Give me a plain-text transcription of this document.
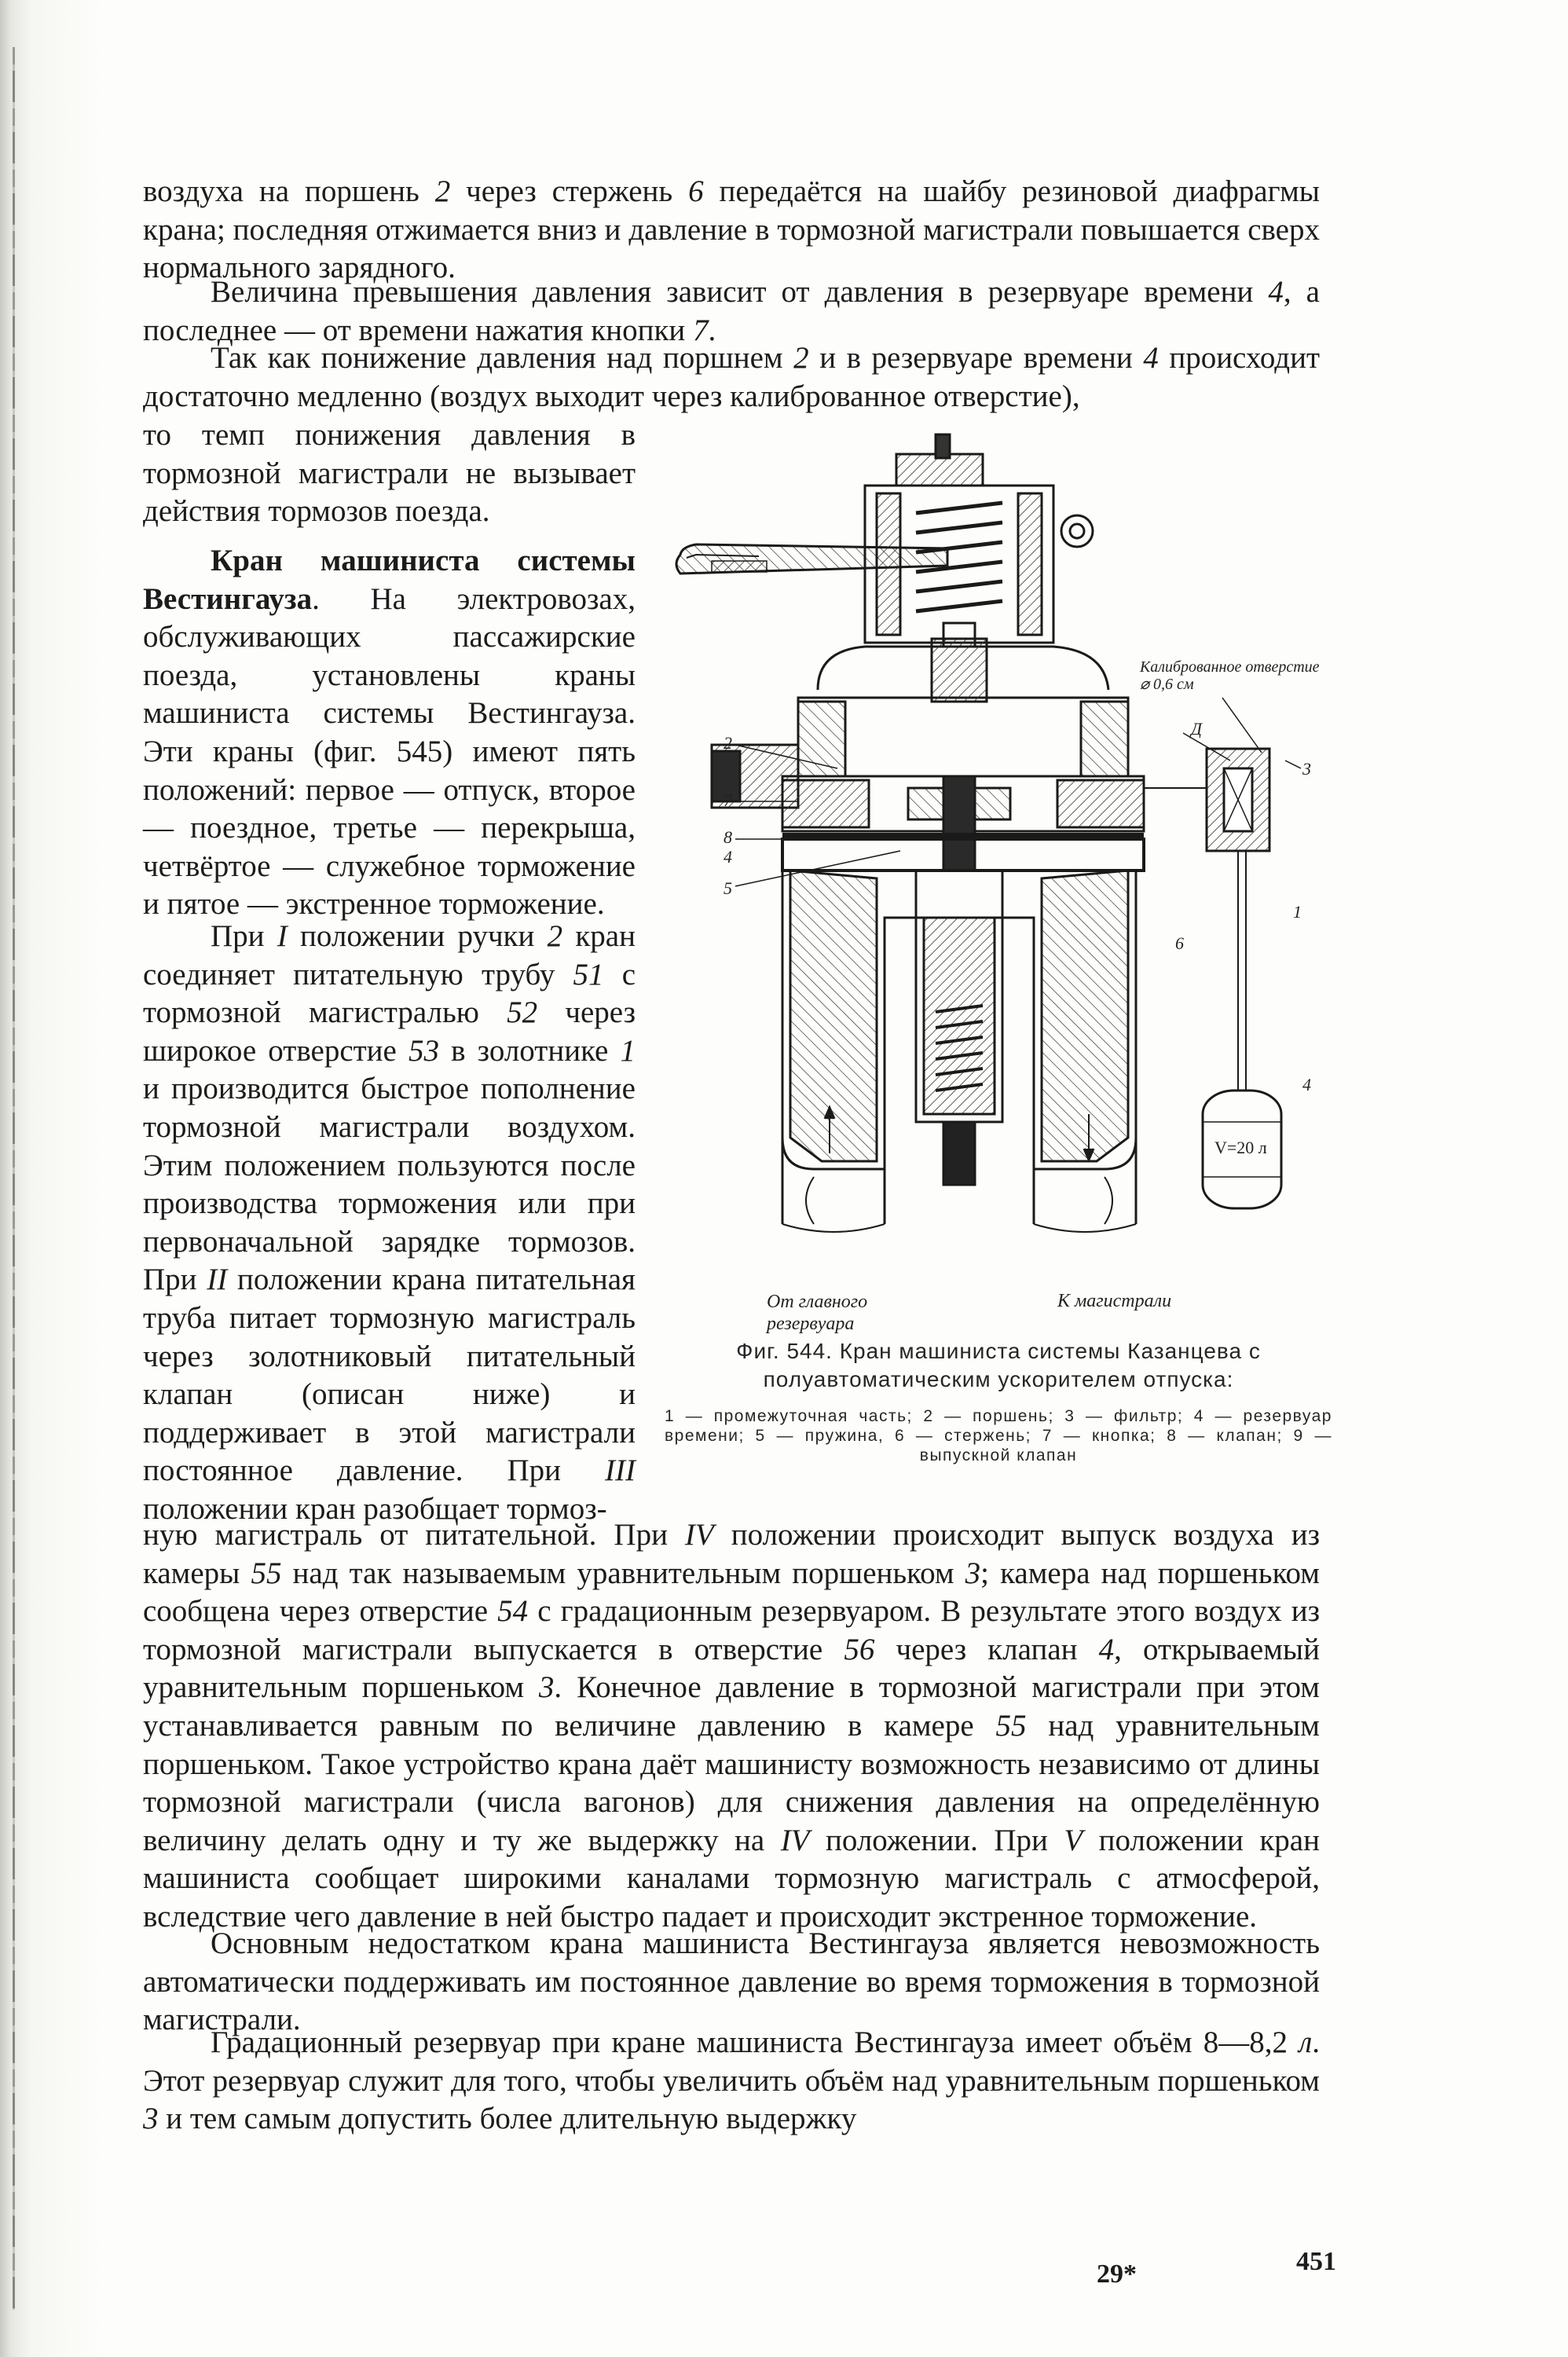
воздуха на поршень 2 через стержень 6 передаётся на шайбу резиновой диафрагмы крана; последняя отжимается вниз и давление в тормозной магистрали повышается сверх нормального зарядного.

Величина превышения давления зависит от давления в резервуаре времени 4, а последнее — от времени нажатия кнопки 7.

Так как понижение давления над поршнем 2 и в резервуаре времени 4 происходит достаточно медленно (воздух выходит через калиброванное отверстие),

то темп понижения давления в тормозной магистрали не вызывает действия тормозов поезда.

Кран машиниста системы Вестингауза. На электровозах, обслуживающих пассажирские поезда, установлены краны машиниста системы Вестингауза. Эти краны (фиг. 545) имеют пять положений: первое — отпуск, второе — поездное, третье — перекрыша, четвёртое — служебное торможение и пятое — экстренное торможение.

При I положении ручки 2 кран соединяет питательную трубу 51 с тормозной магистралью 52 через широкое отверстие 53 в золотнике 1 и производится быстрое пополнение тормозной магистрали воздухом. Этим положением пользуются после производства торможения или при первоначальной зарядке тормозов. При II положении крана питательная труба питает тормозную магистраль через золотниковый питательный клапан (описан ниже) и поддерживает в этой магистрали постоянное давление. При III положении кран разобщает тормоз-

ную магистраль от питательной. При IV положении происходит выпуск воздуха из камеры 55 над так называемым уравнительным поршеньком 3; камера над поршеньком сообщена через отверстие 54 с градационным резервуаром. В результате этого воздух из тормозной магистрали выпускается в отверстие 56 через клапан 4, открываемый уравнительным поршеньком 3. Конечное давление в тормозной магистрали при этом устанавливается равным по величине давлению в камере 55 над уравнительным поршеньком. Такое устройство крана даёт машинисту возможность независимо от длины тормозной магистрали (числа вагонов) для снижения давления на определённую величину делать одну и ту же выдержку на IV положении. При V положении кран машиниста сообщает широкими каналами тормозную магистраль с атмосферой, вследствие чего давление в ней быстро падает и происходит экстренное торможение.

Основным недостатком крана машиниста Вестингауза является невозможность автоматически поддерживать им постоянное давление во время торможения в тормозной магистрали.

Градационный резервуар при кране машиниста Вестингауза имеет объём 8—8,2 л. Этот резервуар служит для того, чтобы увеличить объём над уравнительным поршеньком 3 и тем самым допустить более длительную выдержку

Калиброванное отверстие ⌀ 0,6 см
Д
3
2
7
8
4
5
1
6
4
V=20 л
От главного резервуара
К магистрали

Фиг. 544. Кран машиниста системы Казанцева с полуавтоматическим ускорителем отпуска:

1 — промежуточная часть; 2 — поршень; 3 — фильтр; 4 — резервуар времени; 5 — пружина, 6 — стержень; 7 — кнопка; 8 — клапан; 9 — выпускной клапан

29*	451
